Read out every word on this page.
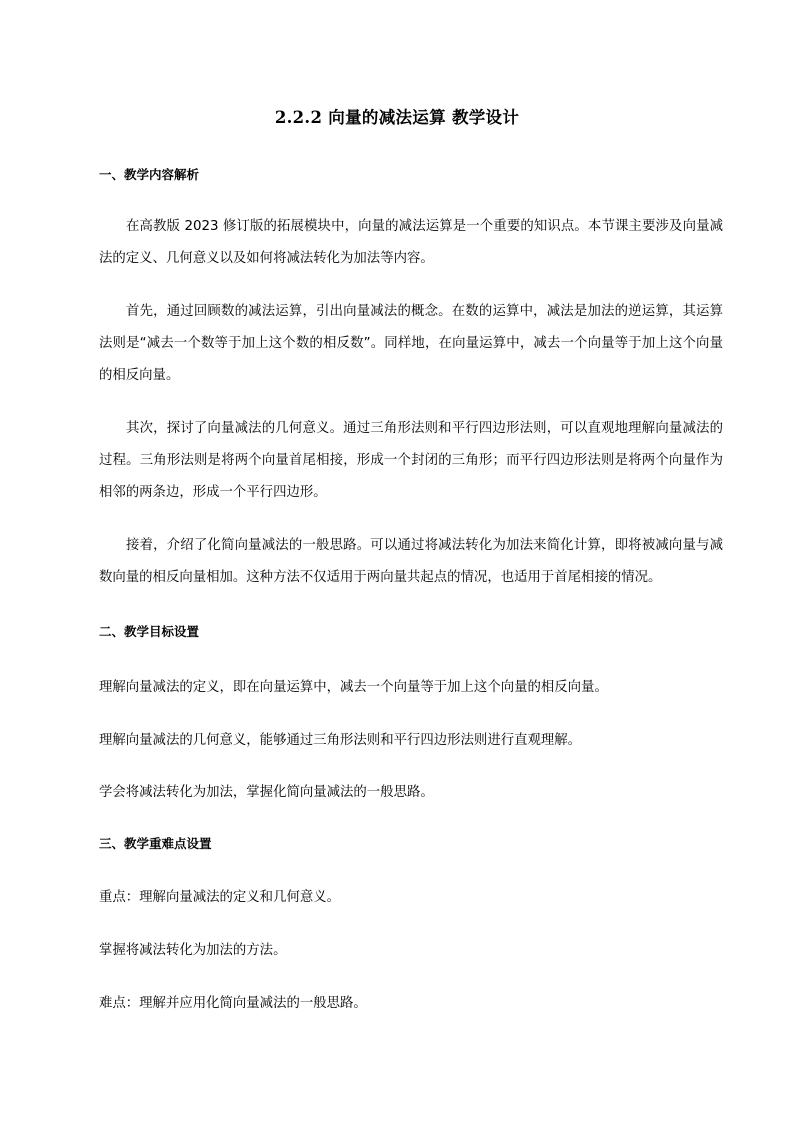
2.2.2 向量的减法运算 教学设计
一、教学内容解析
在高教版 2023 修订版的拓展模块中，向量的减法运算是一个重要的知识点。本节课主要涉及向量减法的定义、几何意义以及如何将减法转化为加法等内容。
首先，通过回顾数的减法运算，引出向量减法的概念。在数的运算中，减法是加法的逆运算，其运算法则是“减去一个数等于加上这个数的相反数”。同样地，在向量运算中，减去一个向量等于加上这个向量的相反向量。
其次，探讨了向量减法的几何意义。通过三角形法则和平行四边形法则，可以直观地理解向量减法的过程。三角形法则是将两个向量首尾相接，形成一个封闭的三角形；而平行四边形法则是将两个向量作为相邻的两条边，形成一个平行四边形。
接着，介绍了化简向量减法的一般思路。可以通过将减法转化为加法来简化计算，即将被减向量与减数向量的相反向量相加。这种方法不仅适用于两向量共起点的情况，也适用于首尾相接的情况。
二、教学目标设置
理解向量减法的定义，即在向量运算中，减去一个向量等于加上这个向量的相反向量。
理解向量减法的几何意义，能够通过三角形法则和平行四边形法则进行直观理解。
学会将减法转化为加法，掌握化简向量减法的一般思路。
三、教学重难点设置
重点：理解向量减法的定义和几何意义。
掌握将减法转化为加法的方法。
难点：理解并应用化简向量减法的一般思路。
